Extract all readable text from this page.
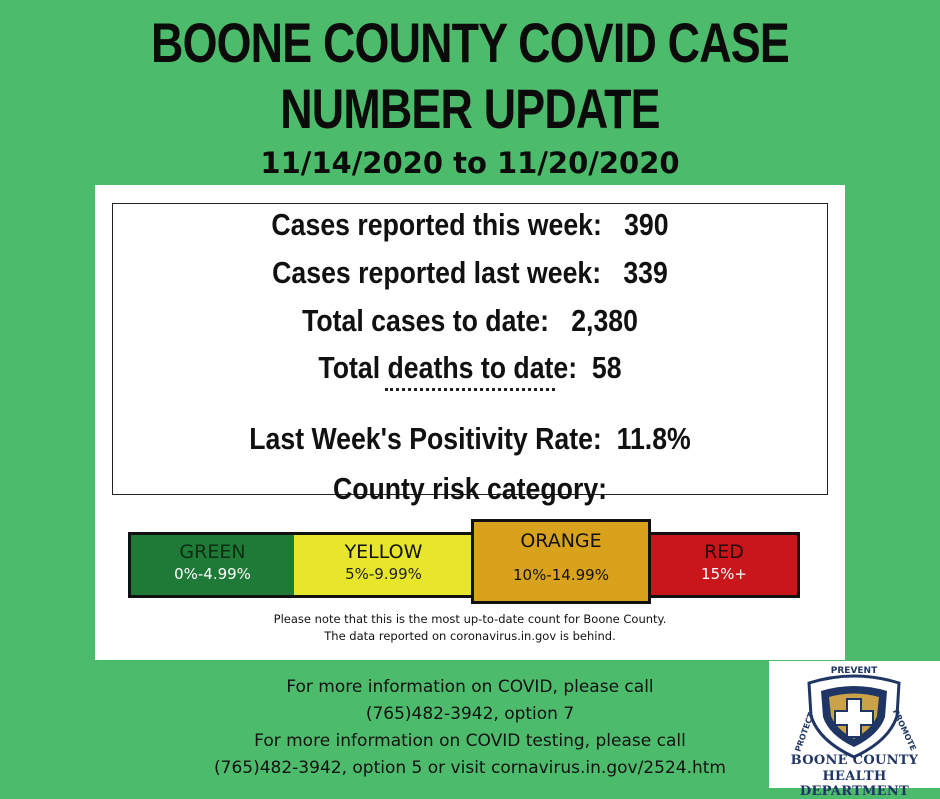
BOONE COUNTY COVID CASE
NUMBER UPDATE
11/14/2020 to 11/20/2020
Cases reported this week:   390
Cases reported last week:   339
Total cases to date:   2,380
Total deaths to date:  58
Last Week's Positivity Rate:  11.8%
County risk category:
GREEN
0%-4.99%
YELLOW
5%-9.99%
RED
15%+
ORANGE
10%-14.99%
Please note that this is the most up-to-date count for Boone County.
The data reported on coronavirus.in.gov is behind.
For more information on COVID, please call
(765)482-3942, option 7
For more information on COVID testing, please call
(765)482-3942, option 5 or visit cornavirus.in.gov/2524.htm
PREVENT
PROTECT	PROMOTE
BOONE COUNTY
HEALTH DEPARTMENT
